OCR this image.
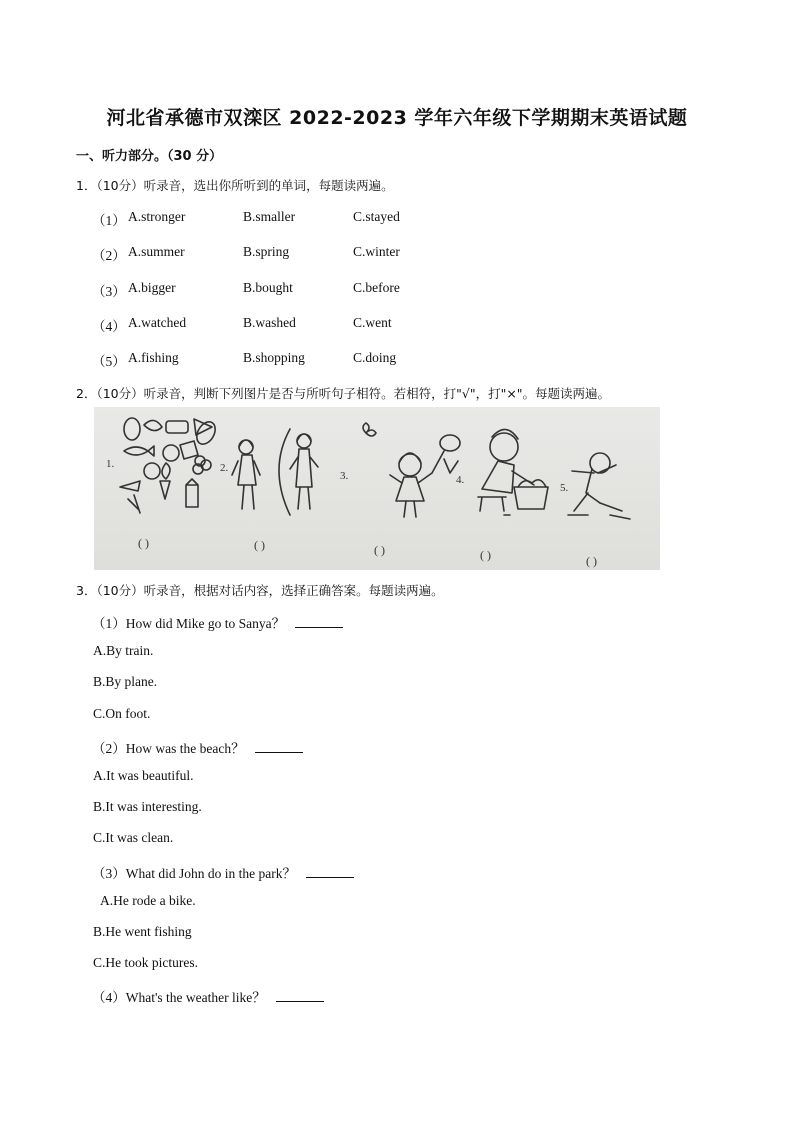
河北省承德市双滦区 2022-2023 学年六年级下学期期末英语试题
一、听力部分。（30 分）
1．（10分）听录音，选出你所听到的单词，每题读两遍。
（1） A.stronger	B.smaller	C.stayed
（2） A.summer	B.spring	C.winter
（3） A.bigger	B.bought	C.before
（4） A.watched	B.washed	C.went
（5） A.fishing	B.shopping	C.doing
2．（10分）听录音，判断下列图片是否与所听句子相符。若相符，打"√"，打"×"。每题读两遍。
1.	2.
3.	4.
5.
( )	( )	( )	( )	( )
3．（10分）听录音，根据对话内容，选择正确答案。每题读两遍。
（1）How did Mike go to Sanya？
A.By train.
B.By plane.
C.On foot.
（2）How was the beach？
A.It was beautiful.
B.It was interesting.
C.It was clean.
（3）What did John do in the park？
A.He rode a bike.
B.He went fishing
C.He took pictures.
（4）What's the weather like？
